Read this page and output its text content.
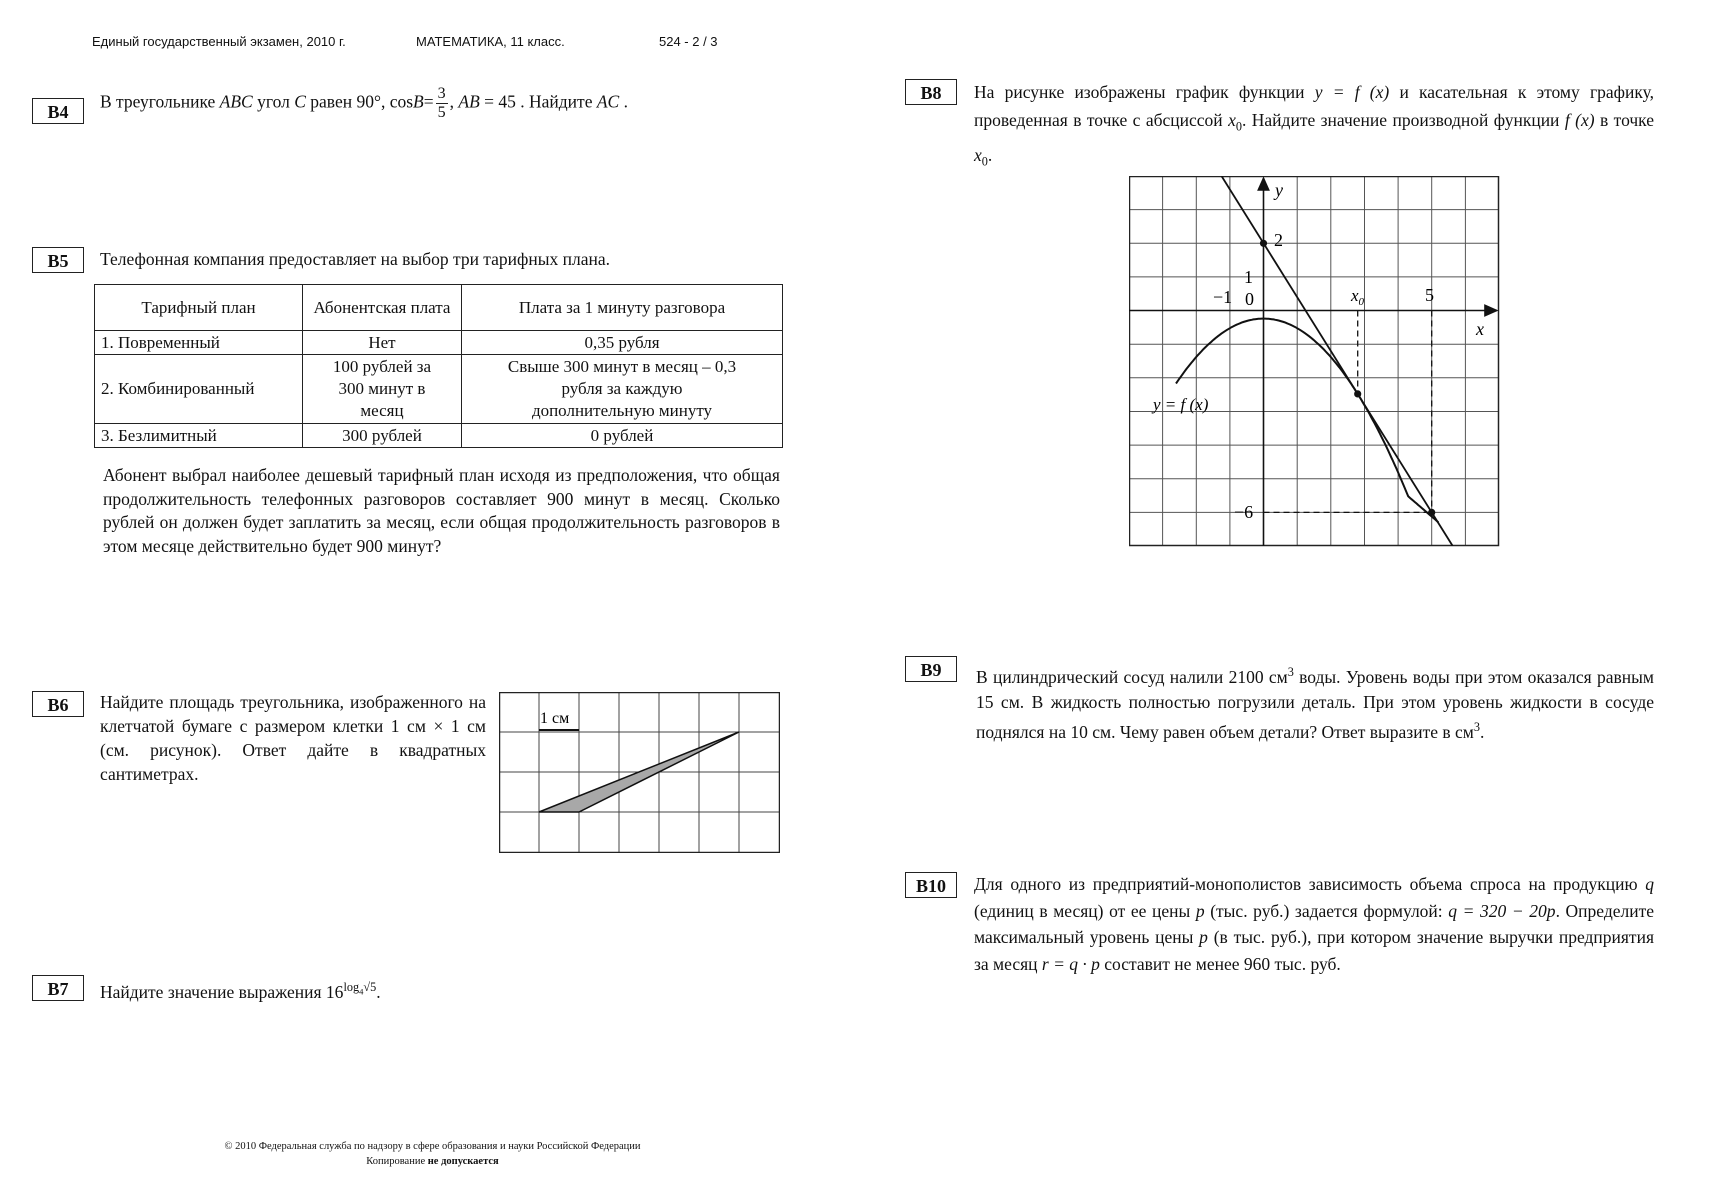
Единый государственный экзамен, 2010 г.	МАТЕМАТИКА, 11 класс.	524 - 2 / 3
B4
В треугольнике ABC угол C равен 90°, $\cos B= \frac{3}{5}$ , AB = 45 . Найдите AC .
B5	Телефонная компания предоставляет на выбор три тарифных плана.
Тарифный план	Абонентская плата	Плата за 1 минуту разговора
1. Повременный	Нет	0,35 рубля
2. Комбинированный	100 рублей за 300 минут в месяц	Свыше 300 минут в месяц – 0,3 рубля за каждую дополнительную минуту
3. Безлимитный	300 рублей	0 рублей
Абонент выбрал наиболее дешевый тарифный план исходя из предположения, что общая продолжительность телефонных разговоров составляет 900 минут в месяц. Сколько рублей он должен будет заплатить за месяц, если общая продолжительность разговоров в этом месяце действительно будет 900 минут?
B6	Найдите площадь треугольника, изображенного на клетчатой бумаге с размером клетки 1 см × 1 см (см. рисунок). Ответ дайте в квадратных сантиметрах.
1 см
B7	Найдите значение выражения $16^{log_4√5}$.
B8	На рисунке изображены график функции y = f (x) и касательная к этому графику, проведенная в точке с абсциссой $x_0$. Найдите значение производной функции f (x) в точке $x_0$.
x
y
−1 0
1
2
5
−6
$x_0$
y = f (x)
B9	В цилиндрический сосуд налили 2100 $см^3$ воды. Уровень воды при этом оказался равным 15 см. В жидкость полностью погрузили деталь. При этом уровень жидкости в сосуде поднялся на 10 см. Чему равен объем детали? Ответ выразите в $см^3$.
B10	Для одного из предприятий-монополистов зависимость объема спроса на продукцию q (единиц в месяц) от ее цены p (тыс. руб.) задается формулой: q = 320 − 20p. Определите максимальный уровень цены p (в тыс. руб.), при котором значение выручки предприятия за месяц r = q · p составит не менее 960 тыс. руб.
© 2010 Федеральная служба по надзору в сфере образования и науки Российской Федерации
Копирование не допускается
